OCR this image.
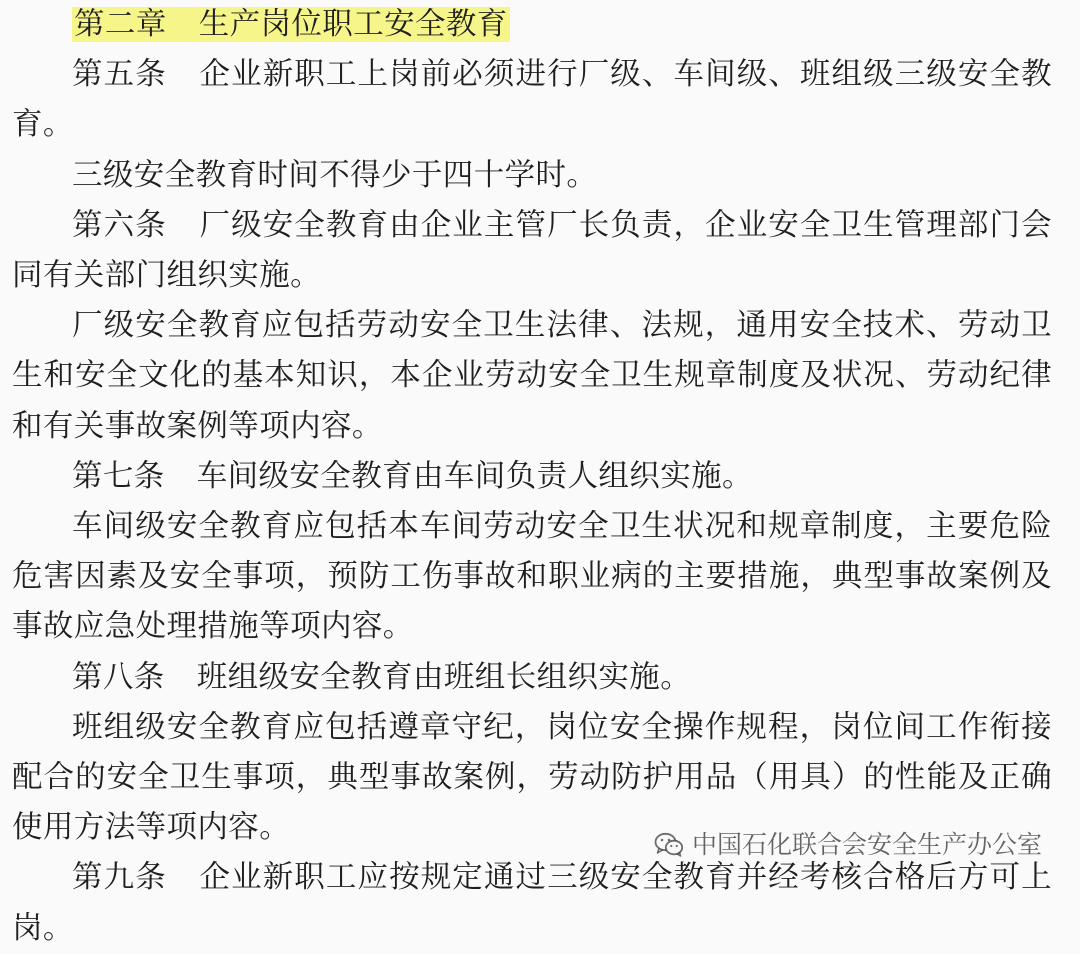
第二章 生产岗位职工安全教育

第五条 企业新职工上岗前必须进行厂级、车间级、班组级三级安全教育。

三级安全教育时间不得少于四十学时。

第六条 厂级安全教育由企业主管厂长负责，企业安全卫生管理部门会同有关部门组织实施。

厂级安全教育应包括劳动安全卫生法律、法规，通用安全技术、劳动卫生和安全文化的基本知识，本企业劳动安全卫生规章制度及状况、劳动纪律和有关事故案例等项内容。

第七条 车间级安全教育由车间负责人组织实施。

车间级安全教育应包括本车间劳动安全卫生状况和规章制度，主要危险危害因素及安全事项，预防工伤事故和职业病的主要措施，典型事故案例及事故应急处理措施等项内容。

第八条 班组级安全教育由班组长组织实施。

班组级安全教育应包括遵章守纪，岗位安全操作规程，岗位间工作衔接配合的安全卫生事项，典型事故案例，劳动防护用品（用具）的性能及正确使用方法等项内容。

第九条 企业新职工应按规定通过三级安全教育并经考核合格后方可上岗。

中国石化联合会安全生产办公室
